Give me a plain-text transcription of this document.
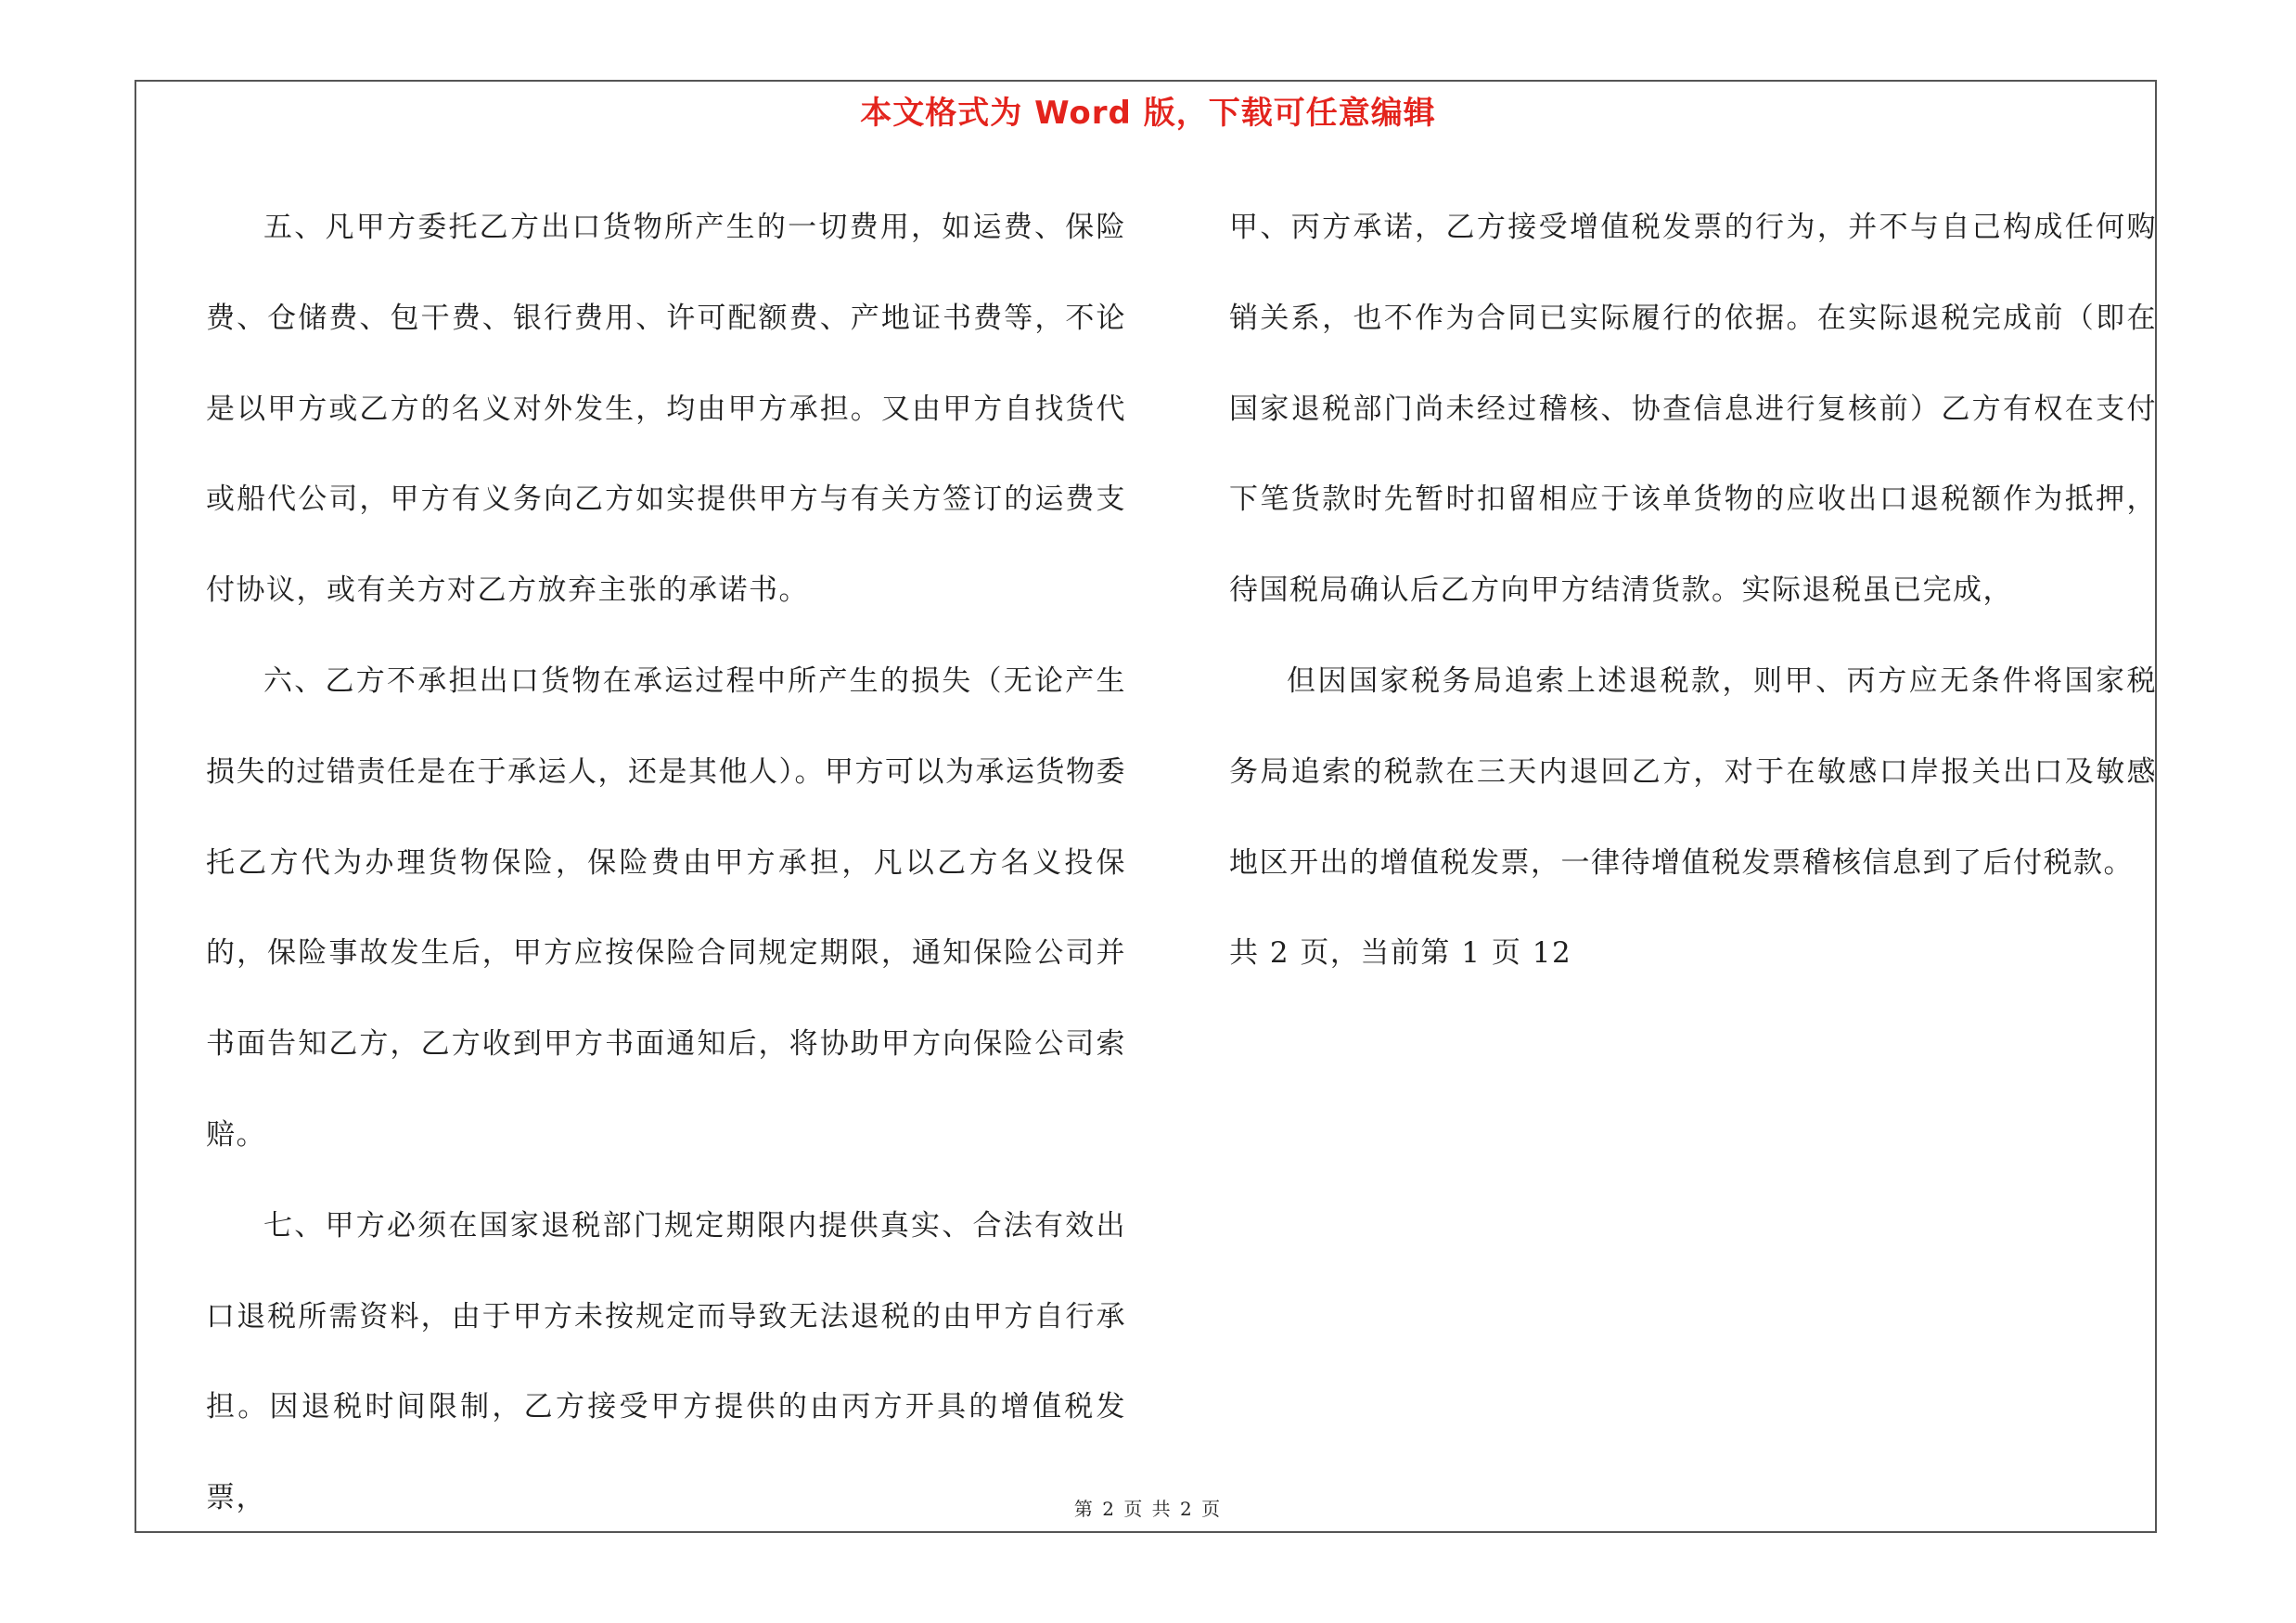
本文格式为 Word 版，下载可任意编辑

五、凡甲方委托乙方出口货物所产生的一切费用，如运费、保险费、仓储费、包干费、银行费用、许可配额费、产地证书费等，不论是以甲方或乙方的名义对外发生，均由甲方承担。又由甲方自找货代或船代公司，甲方有义务向乙方如实提供甲方与有关方签订的运费支付协议，或有关方对乙方放弃主张的承诺书。

六、乙方不承担出口货物在承运过程中所产生的损失（无论产生损失的过错责任是在于承运人，还是其他人）。甲方可以为承运货物委托乙方代为办理货物保险，保险费由甲方承担，凡以乙方名义投保的，保险事故发生后，甲方应按保险合同规定期限，通知保险公司并书面告知乙方，乙方收到甲方书面通知后，将协助甲方向保险公司索赔。

七、甲方必须在国家退税部门规定期限内提供真实、合法有效出口退税所需资料，由于甲方未按规定而导致无法退税的由甲方自行承担。因退税时间限制，乙方接受甲方提供的由丙方开具的增值税发票，

甲、丙方承诺，乙方接受增值税发票的行为，并不与自己构成任何购销关系，也不作为合同已实际履行的依据。在实际退税完成前（即在国家退税部门尚未经过稽核、协查信息进行复核前）乙方有权在支付下笔货款时先暂时扣留相应于该单货物的应收出口退税额作为抵押，待国税局确认后乙方向甲方结清货款。实际退税虽已完成，

但因国家税务局追索上述退税款，则甲、丙方应无条件将国家税务局追索的税款在三天内退回乙方，对于在敏感口岸报关出口及敏感地区开出的增值税发票，一律待增值税发票稽核信息到了后付税款。

共 2 页，当前第 1 页 12

第 2 页 共 2 页
